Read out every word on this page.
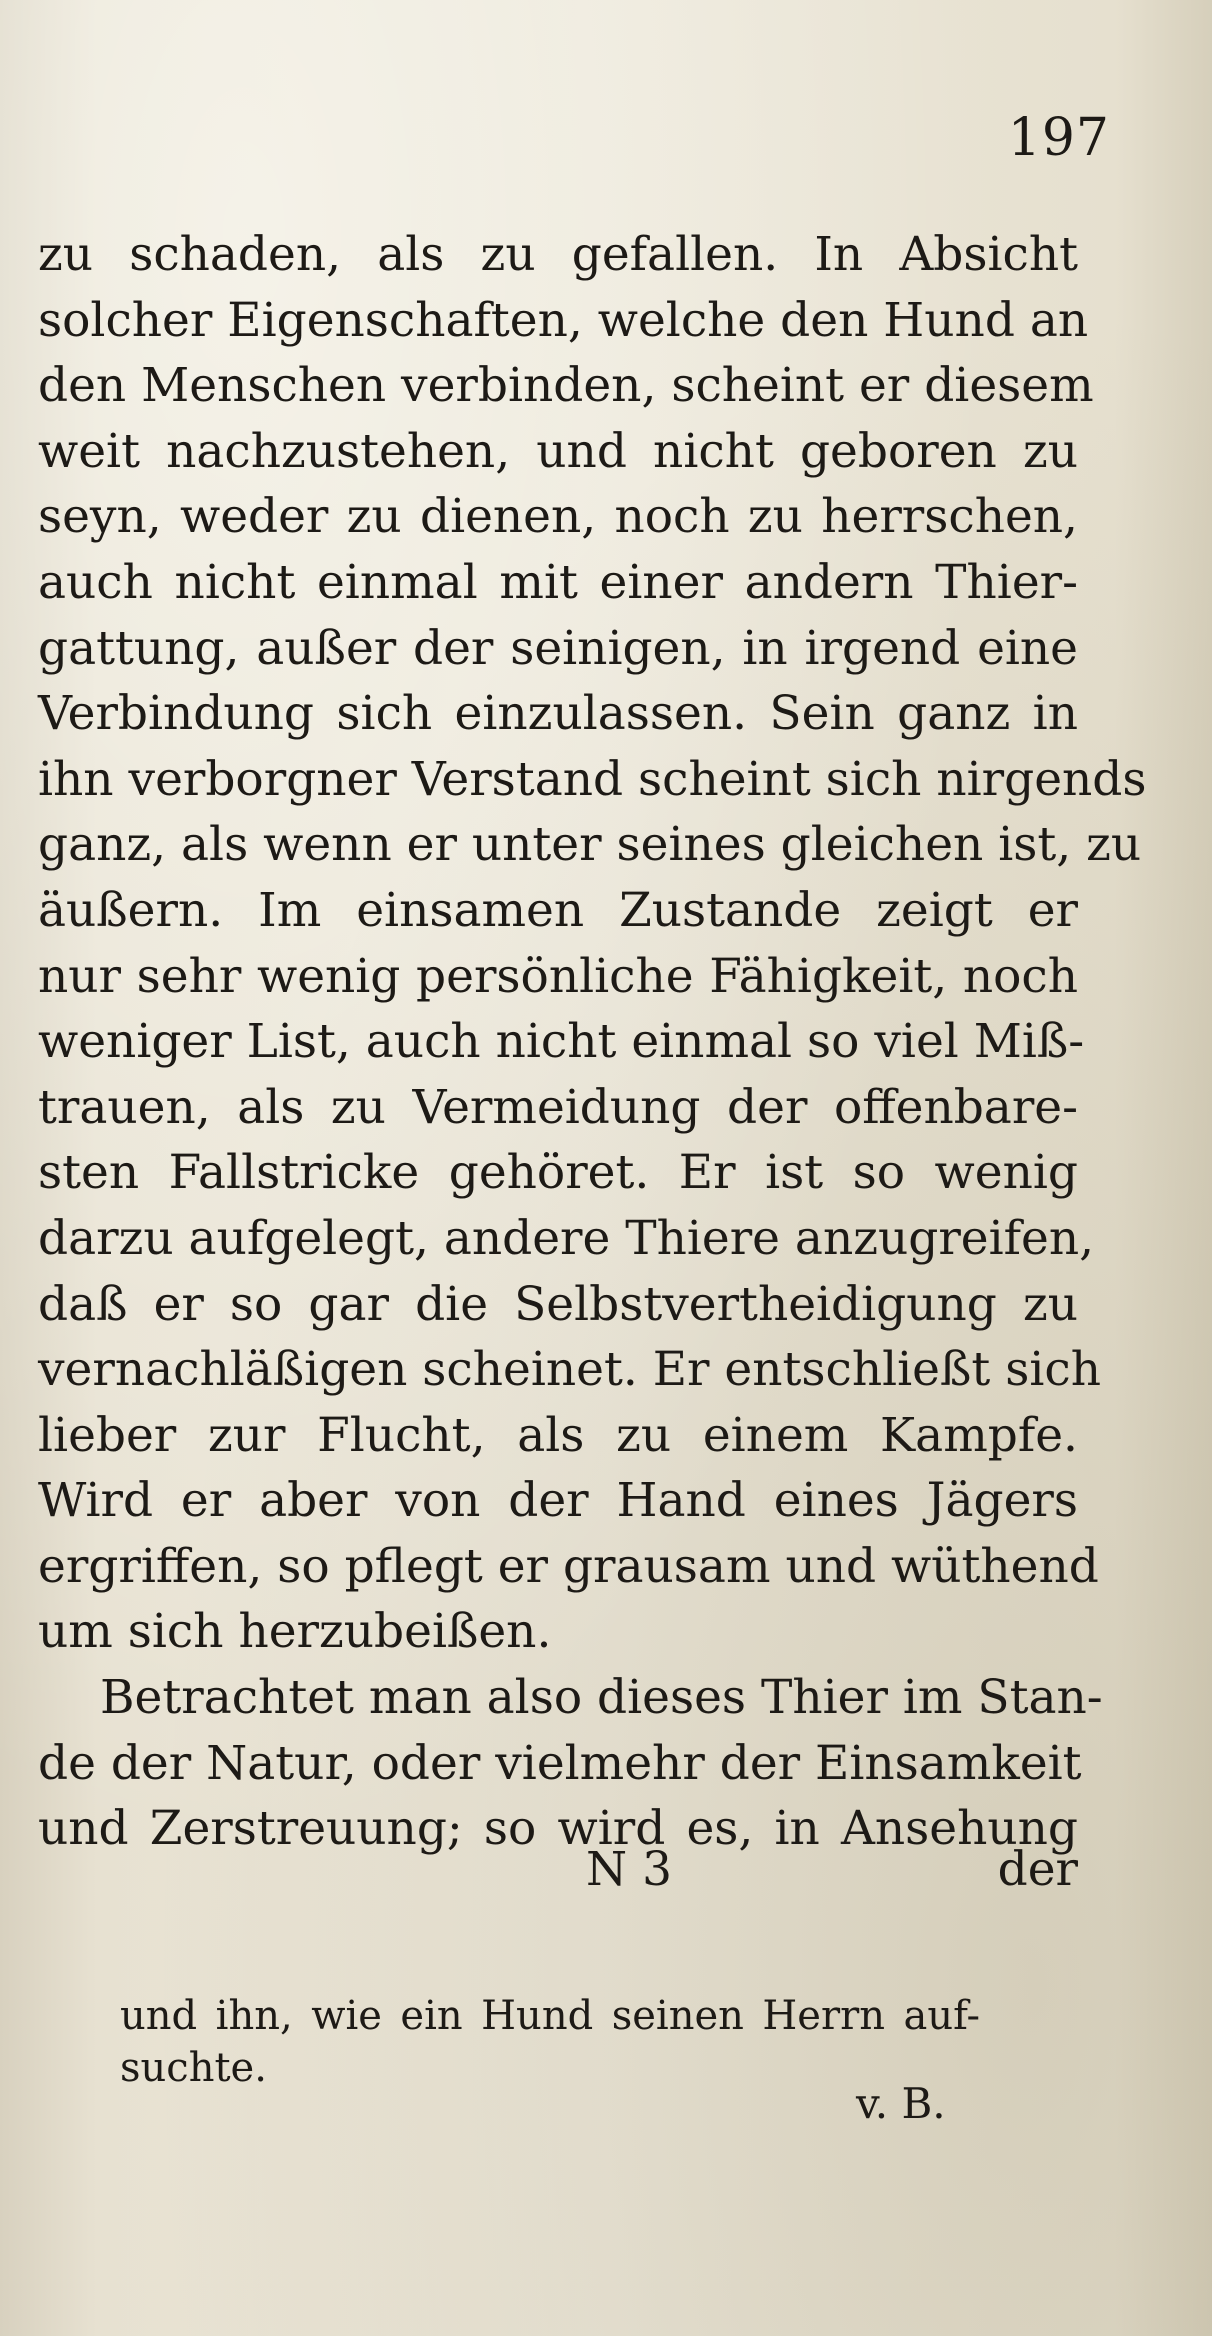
197
zu schaden, als zu gefallen. In Absicht
solcher Eigenschaften, welche den Hund an
den Menschen verbinden, scheint er diesem
weit nachzustehen, und nicht geboren zu
seyn, weder zu dienen, noch zu herrschen,
auch nicht einmal mit einer andern Thier-
gattung, außer der seinigen, in irgend eine
Verbindung sich einzulassen. Sein ganz in
ihn verborgner Verstand scheint sich nirgends
ganz, als wenn er unter seines gleichen ist, zu
äußern. Im einsamen Zustande zeigt er
nur sehr wenig persönliche Fähigkeit, noch
weniger List, auch nicht einmal so viel Miß-
trauen, als zu Vermeidung der offenbare-
sten Fallstricke gehöret. Er ist so wenig
darzu aufgelegt, andere Thiere anzugreifen,
daß er so gar die Selbstvertheidigung zu
vernachläßigen scheinet. Er entschließt sich
lieber zur Flucht, als zu einem Kampfe.
Wird er aber von der Hand eines Jägers
ergriffen, so pflegt er grausam und wüthend
um sich herzubeißen.
Betrachtet man also dieses Thier im Stan-
de der Natur, oder vielmehr der Einsamkeit
und Zerstreuung; so wird es, in Ansehung
N 3	der
und ihn, wie ein Hund seinen Herrn auf-
suchte.
v. B.
